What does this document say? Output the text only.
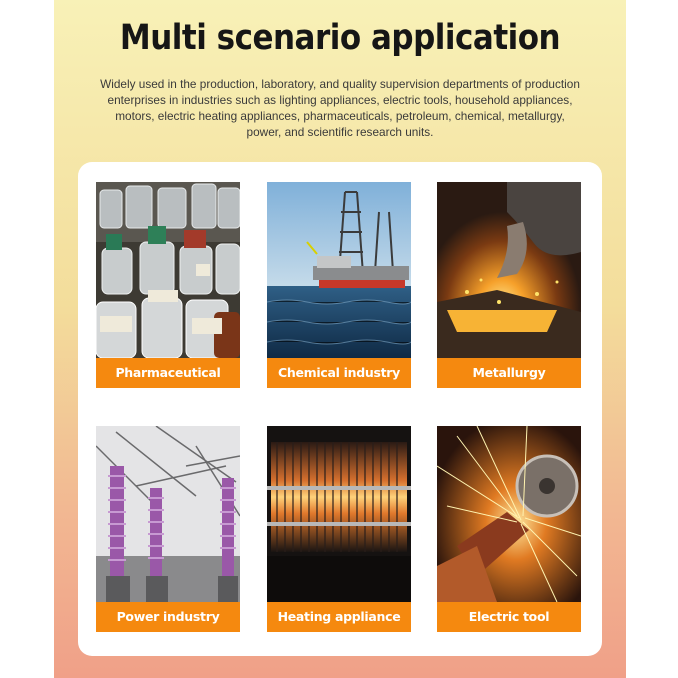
Multi scenario application
Widely used in the production, laboratory, and quality supervision departments of production enterprises in industries such as lighting appliances, electric tools, household appliances, motors, electric heating appliances, pharmaceuticals, petroleum, chemical, metallurgy, power, and scientific research units.
Pharmaceutical	Chemical industry	Metallurgy
Power industry	Heating appliance	Electric tool
